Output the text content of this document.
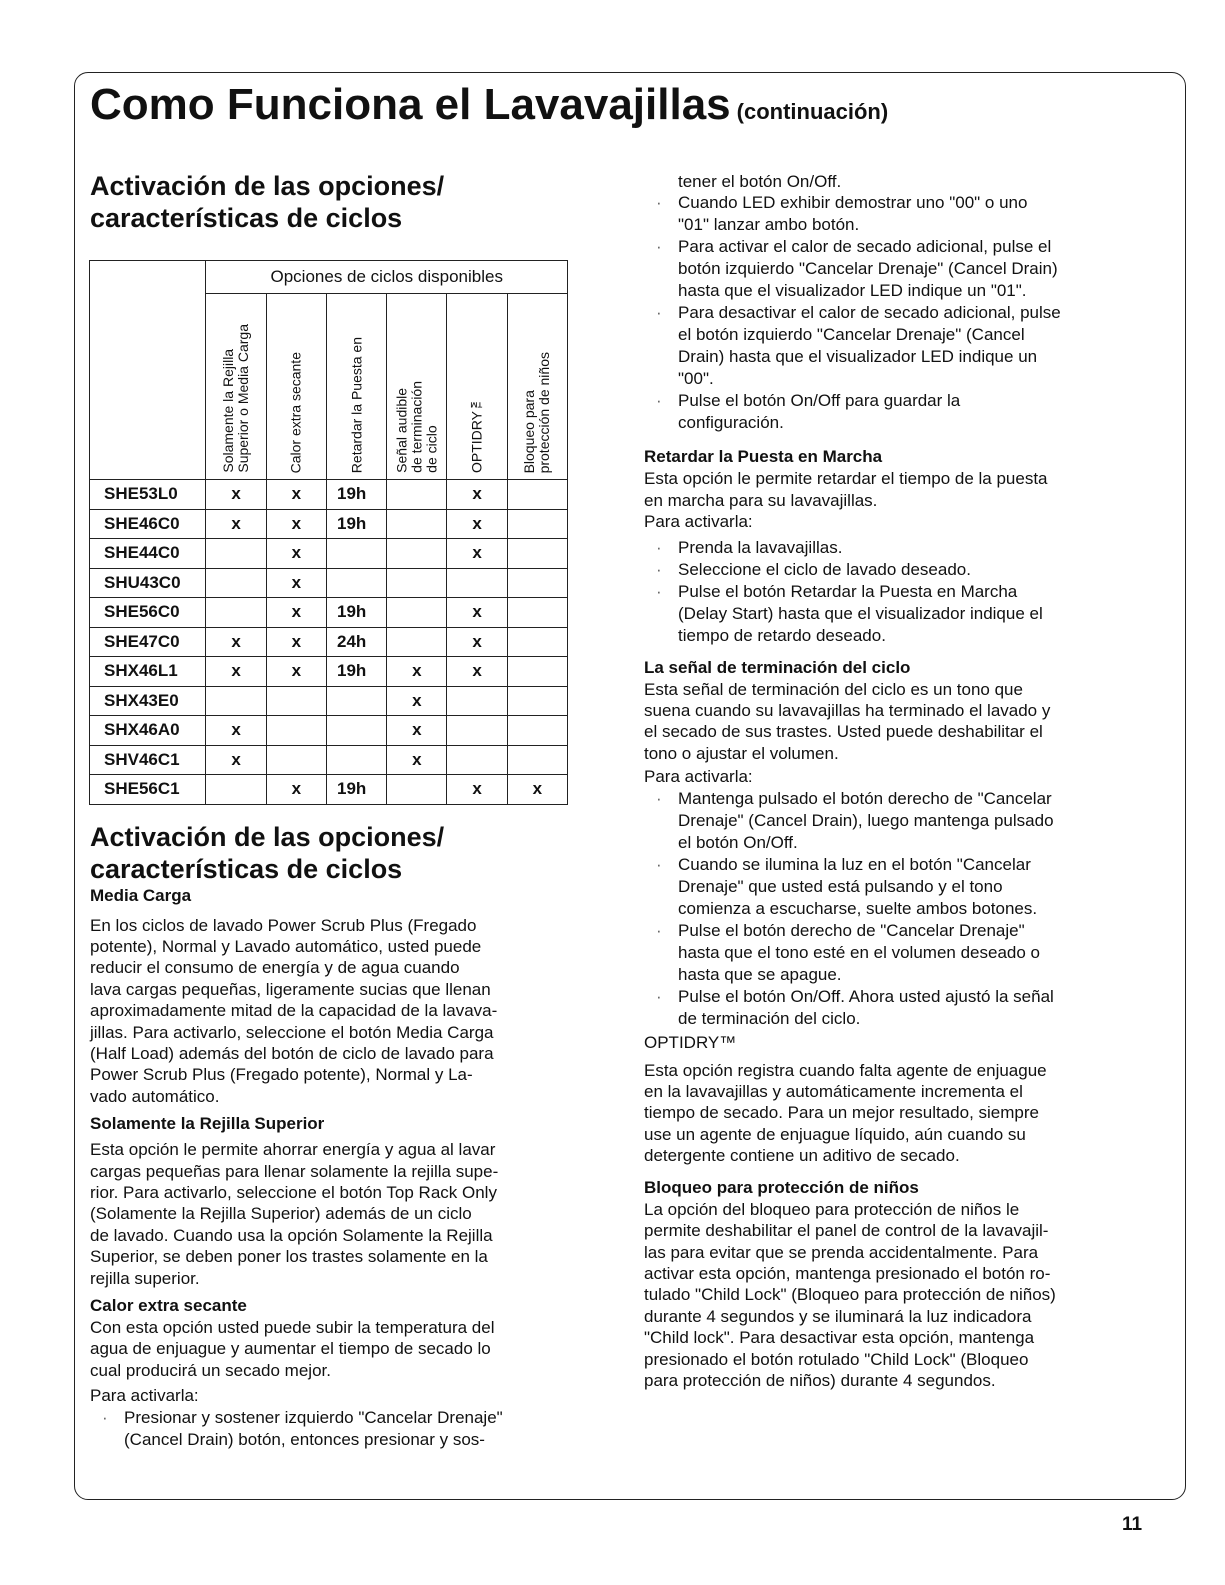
Como Funciona el Lavavajillas (continuación)
Activación de las opciones/
características de ciclos
	Opciones de ciclos disponibles					

	Solamente la Rejilla
Superior o Media Carga	Calor extra secante	Retardar la Puesta en	Señal audible
de terminación
de ciclo	OPTIDRY™	Bloqueo para
protección de niños

SHE53L0	x	x	19h		x	
SHE46C0	x	x	19h		x	
SHE44C0		x			x	
SHU43C0		x				
SHE56C0		x	19h		x	
SHE47C0	x	x	24h		x	
SHX46L1	x	x	19h	x	x	
SHX43E0				x		
SHX46A0	x			x		
SHV46C1	x			x		
SHE56C1		x	19h		x	x
Activación de las opciones/
características de ciclos
Media Carga

En los ciclos de lavado Power Scrub Plus (Fregado

potente), Normal y Lavado automático, usted puede

reducir el consumo de energía y de agua cuando

lava cargas pequeñas, ligeramente sucias que llenan

aproximadamente mitad de la capacidad de la lavava-

jillas. Para activarlo, seleccione el botón Media Carga

(Half Load) además del botón de ciclo de lavado para

Power Scrub Plus (Fregado potente), Normal y La-

vado automático.

Solamente la Rejilla Superior

Esta opción le permite ahorrar energía y agua al lavar

cargas pequeñas para llenar solamente la rejilla supe-

rior. Para activarlo, seleccione el botón Top Rack Only

(Solamente la Rejilla Superior) además de un ciclo

de lavado. Cuando usa la opción Solamente la Rejilla

Superior, se deben poner los trastes solamente en la

rejilla superior.

Calor extra secante

Con esta opción usted puede subir la temperatura del

agua de enjuague y aumentar el tiempo de secado lo

cual producirá un secado mejor.

Para activarla:

· Presionar y sostener izquierdo "Cancelar Drenaje"
(Cancel Drain) botón, entonces presionar y sos-

tener el botón On/Off.

· Cuando LED exhibir demostrar uno "00" o uno
"01" lanzar ambo botón.
· Para activar el calor de secado adicional, pulse el
botón izquierdo "Cancelar Drenaje" (Cancel Drain)
hasta que el visualizador LED indique un "01".
· Para desactivar el calor de secado adicional, pulse
el botón izquierdo "Cancelar Drenaje" (Cancel
Drain) hasta que el visualizador LED indique un
"00".
· Pulse el botón On/Off para guardar la
configuración.
Retardar la Puesta en Marcha

Esta opción le permite retardar el tiempo de la puesta

en marcha para su lavavajillas.

Para activarla:

· Prenda la lavavajillas.
· Seleccione el ciclo de lavado deseado.
· Pulse el botón Retardar la Puesta en Marcha
(Delay Start) hasta que el visualizador indique el
tiempo de retardo deseado.
La señal de terminación del ciclo

Esta señal de terminación del ciclo es un tono que

suena cuando su lavavajillas ha terminado el lavado y

el secado de sus trastes. Usted puede deshabilitar el

tono o ajustar el volumen.

Para activarla:

· Mantenga pulsado el botón derecho de "Cancelar
Drenaje" (Cancel Drain), luego mantenga pulsado
el botón On/Off.
· Cuando se ilumina la luz en el botón "Cancelar
Drenaje" que usted está pulsando y el tono
comienza a escucharse, suelte ambos botones.
· Pulse el botón derecho de "Cancelar Drenaje"
hasta que el tono esté en el volumen deseado o
hasta que se apague.
· Pulse el botón On/Off. Ahora usted ajustó la señal
de terminación del ciclo.
OPTIDRY™

Esta opción registra cuando falta agente de enjuague

en la lavavajillas y automáticamente incrementa el

tiempo de secado. Para un mejor resultado, siempre

use un agente de enjuague líquido, aún cuando su

detergente contiene un aditivo de secado.

Bloqueo para protección de niños

La opción del bloqueo para protección de niños le

permite deshabilitar el panel de control de la lavavajil-

las para evitar que se prenda accidentalmente. Para

activar esta opción, mantenga presionado el botón ro-

tulado "Child Lock" (Bloqueo para protección de niños)

durante 4 segundos y se iluminará la luz indicadora

"Child lock". Para desactivar esta opción, mantenga

presionado el botón rotulado "Child Lock" (Bloqueo

para protección de niños) durante 4 segundos.

11
